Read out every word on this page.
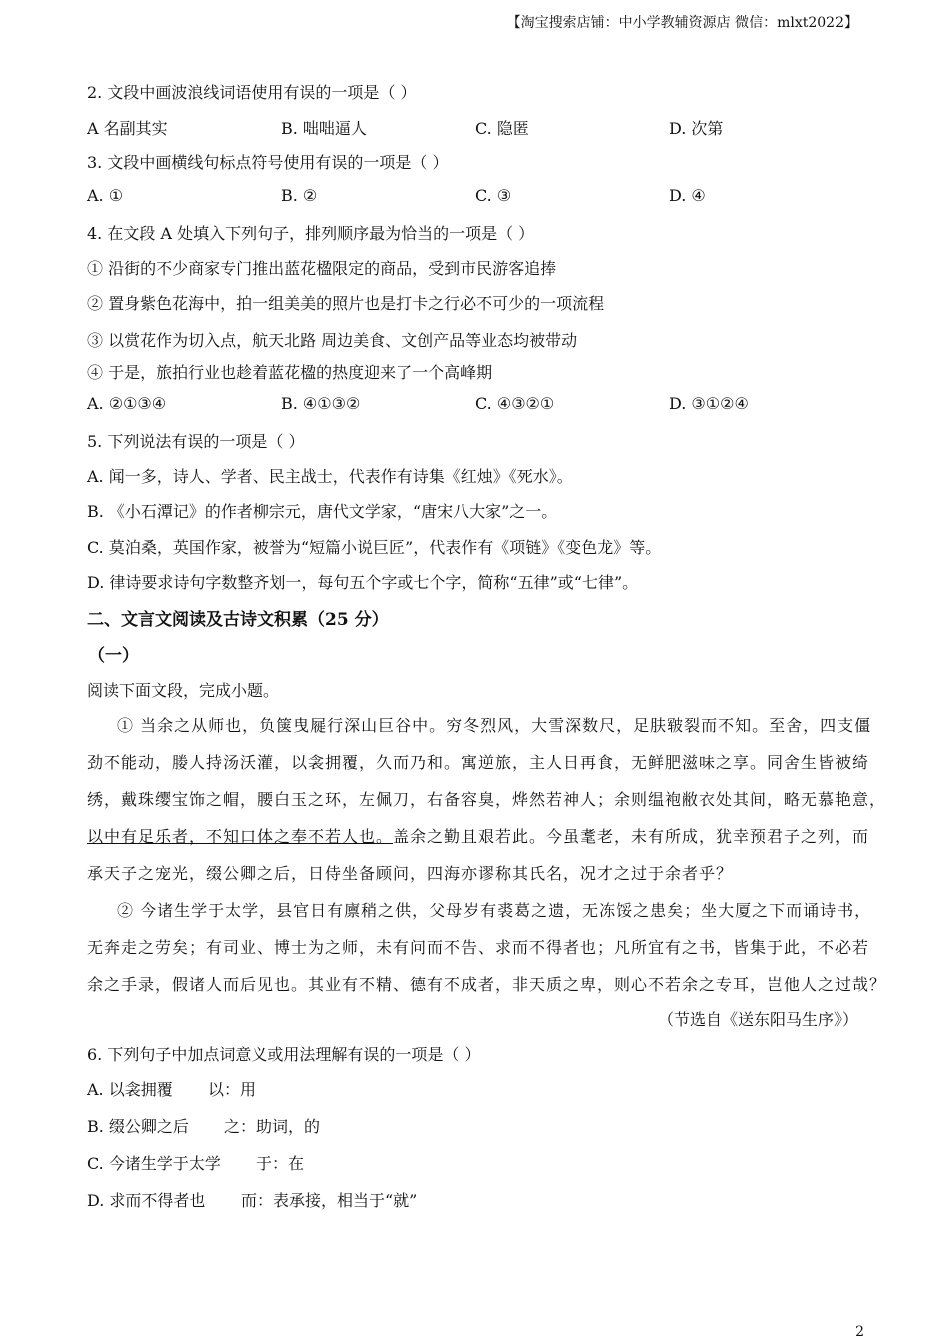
【淘宝搜索店铺：中小学教辅资源店 微信：mlxt2022】
2. 文段中画波浪线词语使用有误的一项是（ ）
A 名副其实	B. 咄咄逼人	C. 隐匿	D. 次第
3. 文段中画横线句标点符号使用有误的一项是（ ）
A. ①	B. ②	C. ③	D. ④
4. 在文段 A 处填入下列句子，排列顺序最为恰当的一项是（ ）
① 沿街的不少商家专门推出蓝花楹限定的商品，受到市民游客追捧
② 置身紫色花海中，拍一组美美的照片也是打卡之行必不可少的一项流程
③ 以赏花作为切入点，航天北路 周边美食、文创产品等业态均被带动
④ 于是，旅拍行业也趁着蓝花楹的热度迎来了一个高峰期
A. ②①③④	B. ④①③②	C. ④③②①	D. ③①②④
5. 下列说法有误的一项是（ ）
A. 闻一多，诗人、学者、民主战士，代表作有诗集《红烛》《死水》。
B. 《小石潭记》的作者柳宗元，唐代文学家，“唐宋八大家”之一。
C. 莫泊桑，英国作家，被誉为“短篇小说巨匠”，代表作有《项链》《变色龙》等。
D. 律诗要求诗句字数整齐划一，每句五个字或七个字，简称“五律”或“七律”。
二、文言文阅读及古诗文积累（25 分）
（一）
阅读下面文段，完成小题。
① 当余之从师也，负箧曳屣行深山巨谷中。穷冬烈风，大雪深数尺，足肤皲裂而不知。至舍，四支僵
劲不能动，媵人持汤沃灌，以衾拥覆，久而乃和。寓逆旅，主人日再食，无鲜肥滋味之享。同舍生皆被绮
绣，戴珠缨宝饰之帽，腰白玉之环，左佩刀，右备容臭，烨然若神人；余则缊袍敝衣处其间，略无慕艳意，
以中有足乐者，不知口体之奉不若人也。盖余之勤且艰若此。今虽耄老，未有所成，犹幸预君子之列，而
承天子之宠光，缀公卿之后，日侍坐备顾问，四海亦谬称其氏名，况才之过于余者乎？
② 今诸生学于太学，县官日有廪稍之供，父母岁有裘葛之遗，无冻馁之患矣；坐大厦之下而诵诗书，
无奔走之劳矣；有司业、博士为之师，未有问而不告、求而不得者也；凡所宜有之书，皆集于此，不必若
余之手录，假诸人而后见也。其业有不精、德有不成者，非天质之卑，则心不若余之专耳，岂他人之过哉？
（节选自《送东阳马生序》）
6. 下列句子中加点词意义或用法理解有误的一项是（ ）
A. 以衾拥覆 以：用
B. 缀公卿之后 之：助词，的
C. 今诸生学于太学 于：在
D. 求而不得者也 而：表承接，相当于“就”
2
